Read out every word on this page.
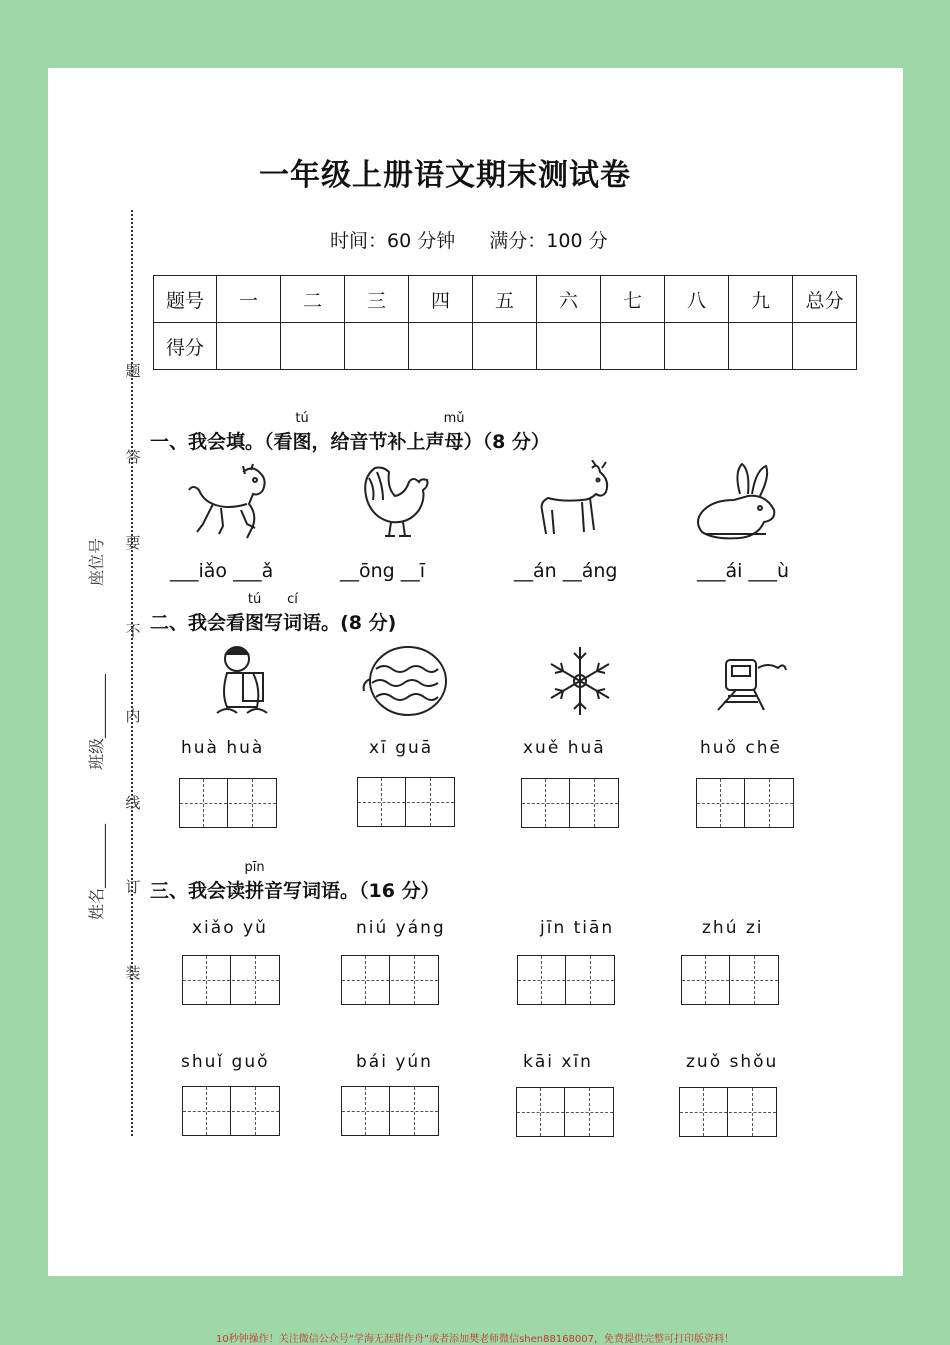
一年级上册语文期末测试卷
时间：60 分钟 满分：100 分
题号	一	二	三	四	五	六	七	八	九	总分
得分										
题
答
要
不
内
线
订
装
座位号
班级________
姓名________
一、我会填。（看
tú
图，给音节补上声
mǔ
母）（8 分）
___iǎo ___ǎ	__ōng __ī	__án __áng	___ái ___ù
二、我会看
tú
图写
cí
词语。(8 分)
huà huà	xī guā	xuě huā	huǒ chē
三、我会读
pīn
拼音写词语。（16 分）
xiǎo yǔ	niú yáng	jīn tiān	zhú zi
shuǐ guǒ	bái yún	kāi xīn	zuǒ shǒu
10秒钟操作！关注微信公众号“学海无涯甜作舟”或者添加樊老师微信shen88168007，免费提供完整可打印版资料！
